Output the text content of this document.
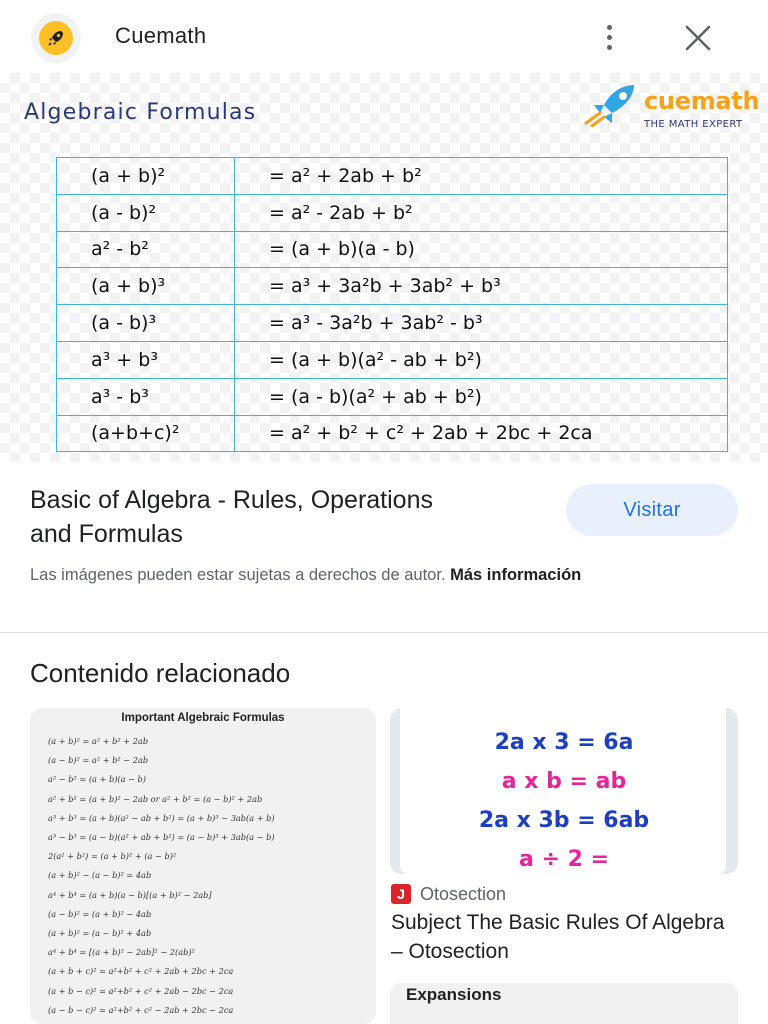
Cuemath
Algebraic Formulas	cuemath
THE MATH EXPERT
(a + b)²	= a² + 2ab + b²
(a - b)²	= a² - 2ab + b²
a² - b²	= (a + b)(a - b)
(a + b)³	= a³ + 3a²b + 3ab² + b³
(a - b)³	= a³ - 3a²b + 3ab² - b³
a³ + b³	= (a + b)(a² - ab + b²)
a³ - b³	= (a - b)(a² + ab + b²)
(a+b+c)²	= a² + b² + c² + 2ab + 2bc + 2ca
Basic of Algebra - Rules, Operations and Formulas
Visitar
Las imágenes pueden estar sujetas a derechos de autor. Más información
Contenido relacionado
Important Algebraic Formulas
(a + b)² = a² + b² + 2ab
(a − b)² = a² + b² − 2ab
a² − b² = (a + b)(a − b)
a² + b² = (a + b)² − 2ab or a² + b² = (a − b)² + 2ab
a³ + b³ = (a + b)(a² − ab + b²) = (a + b)³ − 3ab(a + b)
a³ − b³ = (a − b)(a² + ab + b²) = (a − b)³ + 3ab(a − b)
2(a² + b²) = (a + b)² + (a − b)²
(a + b)² − (a − b)² = 4ab
a⁴ + b⁴ = (a + b)(a − b)[(a + b)² − 2ab]
(a − b)² = (a + b)² − 4ab
(a + b)² = (a − b)² + 4ab
a⁴ + b⁴ = [(a + b)² − 2ab]² − 2(ab)²
(a + b + c)² = a²+b² + c² + 2ab + 2bc + 2ca
(a + b − c)² = a²+b² + c² + 2ab − 2bc − 2ca
(a − b − c)² = a²+b² + c² − 2ab + 2bc − 2ca
2a x 3 = 6a
a x b = ab
2a x 3b = 6ab
a ÷ 2 =
J Otosection
Subject The Basic Rules Of Algebra – Otosection
Expansions
